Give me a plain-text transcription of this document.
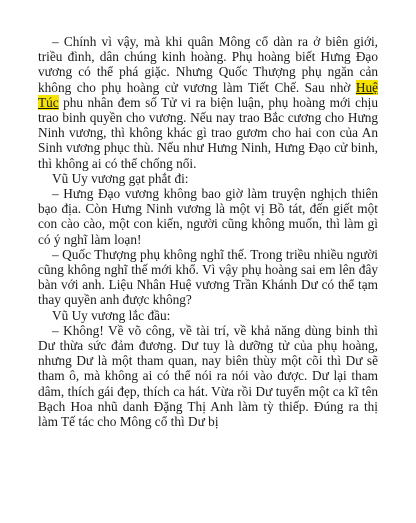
– Chính vì vậy, mà khi quân Mông cổ dàn ra ở biên giới, triều đình, dân chúng kinh hoàng. Phụ hoàng biết Hưng Đạo vương có thể phá giặc. Nhưng Quốc Thượng phụ ngăn cản không cho phụ hoàng cử vương làm Tiết Chế. Sau nhờ Huệ Túc phu nhân đem số Tử vi ra biện luận, phụ hoàng mới chịu trao binh quyền cho vương. Nếu nay trao Bắc cương cho Hưng Ninh vương, thì không khác gì trao gươm cho hai con của An Sinh vương phục thù. Nếu như Hưng Ninh, Hưng Đạo cử binh, thì không ai có thể chống nổi.

Vũ Uy vương gạt phắt đi:

– Hưng Đạo vương không bao giờ làm truyện nghịch thiên bạo địa. Còn Hưng Ninh vương là một vị Bồ tát, đến giết một con cào cào, một con kiến, người cũng không muốn, thì làm gì có ý nghĩ làm loạn!

– Quốc Thượng phụ không nghĩ thế. Trong triều nhiều người cũng không nghĩ thế mới khổ. Vì vậy phụ hoàng sai em lên đây bàn với anh. Liệu Nhân Huệ vương Trần Khánh Dư có thể tạm thay quyền anh được không?

Vũ Uy vương lắc đầu:

– Không! Về võ công, về tài trí, về khả năng dùng binh thì Dư thừa sức đảm đương. Dư tuy là dưỡng tử của phụ hoàng, nhưng Dư là một tham quan, nay biên thùy một cõi thì Dư sẽ tham ô, mà không ai có thể nói ra nói vào được. Dư lại tham dâm, thích gái đẹp, thích ca hát. Vừa rồi Dư tuyển một ca kĩ tên Bạch Hoa nhũ danh Đặng Thị Anh làm tỳ thiếp. Đúng ra thị làm Tế tác cho Mông cổ thì Dư bị
